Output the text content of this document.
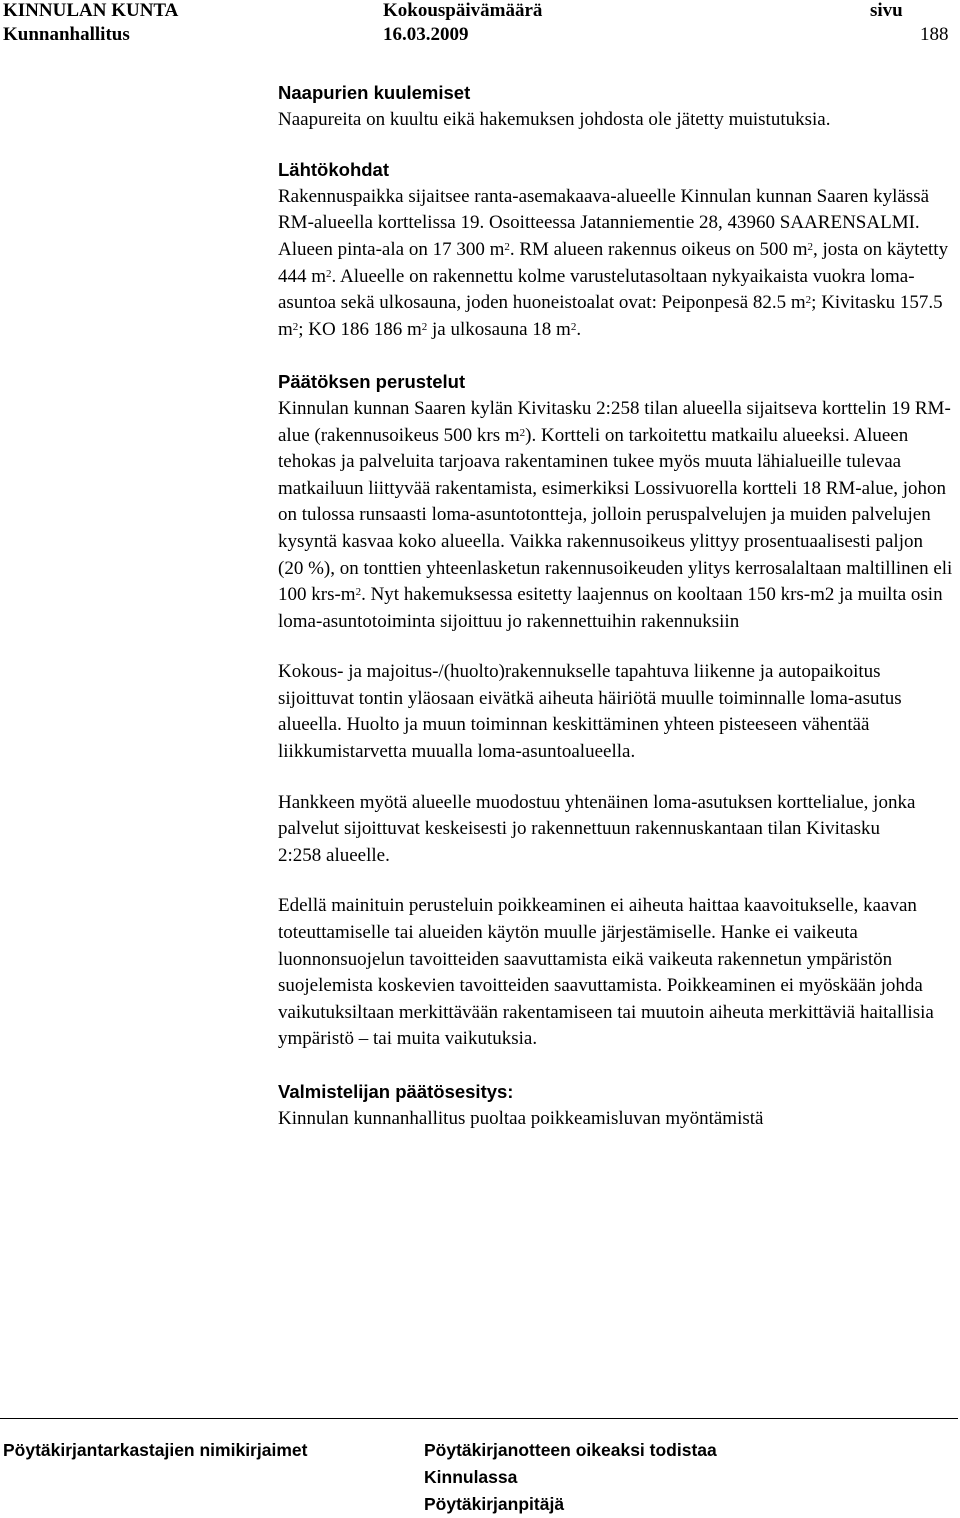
KINNULAN KUNTA
Kunnanhallitus
Kokouspäivämäärä
16.03.2009
sivu
188
Naapurien kuulemiset
Naapureita on kuultu eikä hakemuksen johdosta ole jätetty muistutuksia.
Lähtökohdat
Rakennuspaikka sijaitsee ranta-asemakaava-alueelle Kinnulan kunnan Saaren kylässä RM-alueella korttelissa 19. Osoitteessa Jatanniementie 28, 43960 SAARENSALMI. Alueen pinta-ala on 17 300 $m^2$. RM alueen rakennus oikeus on 500 $m^2$, josta on käytetty 444 $m^2$. Alueelle on rakennettu kolme varustelutasoltaan nykyaikaista vuokra loma-asuntoa sekä ulkosauna, joden huoneistoalat ovat: Peiponpesä 82.5 $m^2$; Kivitasku 157.5 $m^2$; KO 186 186 $m^2$ ja ulkosauna 18 $m^2$.
Päätöksen perustelut
Kinnulan kunnan Saaren kylän Kivitasku 2:258 tilan alueella sijaitseva korttelin 19 RM-alue (rakennusoikeus 500 krs $m^2$). Kortteli on tarkoitettu matkailu alueeksi. Alueen tehokas ja palveluita tarjoava rakentaminen tukee myös muuta lähialueille tulevaa matkailuun liittyvää rakentamista, esimerkiksi Lossivuorella kortteli 18 RM-alue, johon on tulossa runsaasti loma-asuntotontteja, jolloin peruspalvelujen ja muiden palvelujen kysyntä kasvaa koko alueella. Vaikka rakennusoikeus ylittyy prosentuaalisesti paljon (20 %), on tonttien yhteenlasketun rakennusoikeuden ylitys kerrosalaltaan maltillinen eli 100 krs-$m^2$. Nyt hakemuksessa esitetty laajennus on kooltaan 150 krs-m2 ja muilta osin loma-asuntotoiminta sijoittuu jo rakennettuihin rakennuksiin
Kokous- ja majoitus-/(huolto)rakennukselle tapahtuva liikenne ja autopaikoitus sijoittuvat tontin yläosaan eivätkä aiheuta häiriötä muulle toiminnalle loma-asutus alueella. Huolto ja muun toiminnan keskittäminen yhteen pisteeseen vähentää liikkumistarvetta muualla loma-asuntoalueella.
Hankkeen myötä alueelle muodostuu yhtenäinen loma-asutuksen korttelialue, jonka palvelut sijoittuvat keskeisesti jo rakennettuun rakennuskantaan tilan Kivitasku 2:258 alueelle.
Edellä mainituin perusteluin poikkeaminen ei aiheuta haittaa kaavoitukselle, kaavan toteuttamiselle tai alueiden käytön muulle järjestämiselle. Hanke ei vaikeuta luonnonsuojelun tavoitteiden saavuttamista eikä vaikeuta rakennetun ympäristön suojelemista koskevien tavoitteiden saavuttamista. Poikkeaminen ei myöskään johda vaikutuksiltaan merkittävään rakentamiseen tai muutoin aiheuta merkittäviä haitallisia ympäristö – tai muita vaikutuksia.
Valmistelijan päätösesitys:
Kinnulan kunnanhallitus puoltaa poikkeamisluvan myöntämistä
Pöytäkirjantarkastajien nimikirjaimet	Pöytäkirjanotteen oikeaksi todistaa
Kinnulassa
Pöytäkirjanpitäjä
